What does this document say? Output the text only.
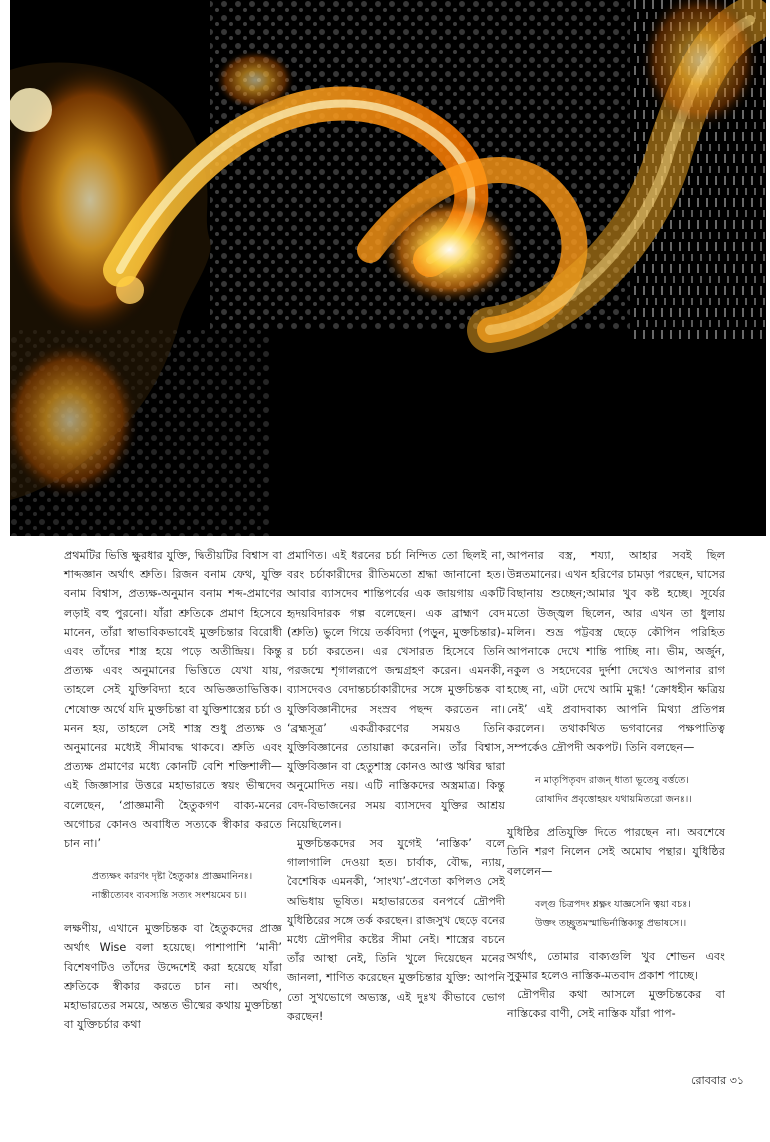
প্রথমটির ভিত্তি ক্ষুরধার যুক্তি, দ্বিতীয়টির বিশ্বাস বা শাব্দজ্ঞান অর্থাৎ শ্রুতি। রিজন বনাম ফেথ, যুক্তি বনাম বিশ্বাস, প্রত্যক্ষ-অনুমান বনাম শব্দ-প্রমাণের লড়াই বহু পুরনো। যাঁরা শ্রুতিকে প্রমাণ হিসেবে মানেন, তাঁরা স্বাভাবিকভাবেই মুক্তচিন্তার বিরোধী এবং তাঁদের শাস্ত্র হয়ে পড়ে অতীন্দ্রিয়। কিন্তু প্রত্যক্ষ এবং অনুমানের ভিত্তিতে যেখা যায়, তাহলে সেই যুক্তিবিদ্যা হবে অভিজ্ঞতাভিত্তিক। শেষোক্ত অর্থে যদি মুক্তচিন্তা বা যুক্তিশাস্ত্রের চর্চা ও মনন হয়, তাহলে সেই শাস্ত্র শুধু প্রত্যক্ষ ও অনুমানের মধ্যেই সীমাবদ্ধ থাকবে। শ্রুতি এবং প্রত্যক্ষ প্রমাণের মধ্যে কোনটি বেশি শক্তিশালী— এই জিজ্ঞাসার উত্তরে মহাভারতে স্বয়ং ভীষ্মদেব বলেছেন, ‘প্রাজ্ঞমানী হৈতুকগণ বাক্য-মনের অগোচর কোনও অবাধিত সত্যকে স্বীকার করতে চান না।’

প্রত্যক্ষং কারণং দৃষ্টা হৈতুকাঃ প্রাজ্ঞমানিনঃ।
নাস্তীত্যেবং ব্যবস্যন্তি সত্যং সংশয়মেব চ।।

লক্ষণীয়, এখানে মুক্তচিন্তক বা হৈতুকদের প্রাজ্ঞ অর্থাৎ Wise বলা হয়েছে। পাশাপাশি ‘মানী’ বিশেষণটিও তাঁদের উদ্দেশেই করা হয়েছে যাঁরা শ্রুতিকে স্বীকার করতে চান না। অর্থাৎ, মহাভারতের সময়ে, অন্তত ভীষ্মের কথায় মুক্তচিন্তা বা যুক্তিচর্চার কথা

প্রমাণিত। এই ধরনের চর্চা নিন্দিত তো ছিলই না, বরং চর্চাকারীদের রীতিমতো শ্রদ্ধা জানানো হত। আবার ব্যাসদেব শান্তিপর্বের এক জায়গায় একটি হৃদয়বিদারক গল্প বলেছেন। এক ব্রাহ্মণ বেদ (শ্রুতি) ভুলে গিয়ে তর্কবিদ্যা (পড়ুন, মুক্তচিন্তার)-র চর্চা করতেন। এর খেসারত হিসেবে তিনি পরজন্মে শৃগালরূপে জন্মগ্রহণ করেন। এমনকী, ব্যাসদেবও বেদান্তচর্চাকারীদের সঙ্গে মুক্তচিন্তক বা যুক্তিবিজ্ঞানীদের সংস্রব পছন্দ করতেন না। ‘ব্রহ্মসূত্র’ একত্রীকরণের সময়ও তিনি যুক্তিবিজ্ঞানের তোয়াক্কা করেননি। তাঁর বিশ্বাস, যুক্তিবিজ্ঞান বা হেতুশাস্ত্র কোনও আপ্ত ঋষির দ্বারা অনুমোদিত নয়। এটি নাস্তিকদের অস্ত্রমাত্র। কিন্তু বেদ-বিভাজনের সময় ব্যাসদেব যুক্তির আশ্রয় নিয়েছিলেন।

মুক্তচিন্তকদের সব যুগেই ‘নাস্তিক’ বলে গালাগালি দেওয়া হত। চার্বাক, বৌদ্ধ, ন্যায়, বৈশেষিক এমনকী, ‘সাংখ্য’-প্রণেতা কপিলও সেই অভিধায় ভূষিত। মহাভারতের বনপর্বে দ্রৌপদী যুধিষ্ঠিরের সঙ্গে তর্ক করছেন। রাজসুখ ছেড়ে বনের মধ্যে দ্রৌপদীর কষ্টের সীমা নেই। শাস্ত্রের বচনে তাঁর আস্থা নেই, তিনি খুলে দিয়েছেন মনের জানলা, শাণিত করেছেন মুক্তচিন্তার যুক্তি: আপনি তো সুখভোগে অভ্যস্ত, এই দুঃখ কীভাবে ভোগ করছেন!

আপনার বস্ত্র, শয্যা, আহার সবই ছিল উন্নতমানের। এখন হরিণের চামড়া পরছেন, ঘাসের বিছানায় শুচ্ছেন;আমার খুব কষ্ট হচ্ছে। সূর্যের মতো উজ্জ্বল ছিলেন, আর এখন তা ধুলায় মলিন। শুভ্র পট্টবস্ত্র ছেড়ে কৌপিন পরিহিত আপনাকে দেখে শান্তি পাচ্ছি না। ভীম, অর্জুন, নকুল ও সহদেবের দুর্দশা দেখেও আপনার রাগ হচ্ছে না, এটা দেখে আমি মুগ্ধ! ‘ক্রোধহীন ক্ষত্রিয় নেই’ এই প্রবাদবাক্য আপনি মিথ্যা প্রতিপন্ন করলেন। তথাকথিত ভগবানের পক্ষপাতিত্ব সম্পর্কেও দ্রৌপদী অকপট। তিনি বলছেন—

ন মাতৃপিতৃবদ রাজন্‌ ধাতা ভূতেষু বর্ত্ততে।
রোষাদিব প্রবৃত্তোহয়ং যথায়মিতরো জনঃ।।

যুধিষ্ঠির প্রতিযুক্তি দিতে পারছেন না। অবশেষে তিনি শরণ নিলেন সেই অমোঘ পন্থার। যুধিষ্ঠির বললেন—

বল্গু চিত্রপদং শ্লক্ষ্ণং যাজ্ঞসেনি ত্বয়া বচঃ।
উক্তং তচ্ছ্রুতমস্মাভির্নাস্তিক্যন্তু প্রভাষসে।।

অর্থাৎ, তোমার বাক্যগুলি খুব শোভন এবং সুকুমার হলেও নাস্তিক-মতবাদ প্রকাশ পাচ্ছে।

দ্রৌপদীর কথা আসলে মুক্তচিন্তকের বা নাস্তিকের বাণী, সেই নাস্তিক যাঁরা পাপ-

রোববার ৩১
